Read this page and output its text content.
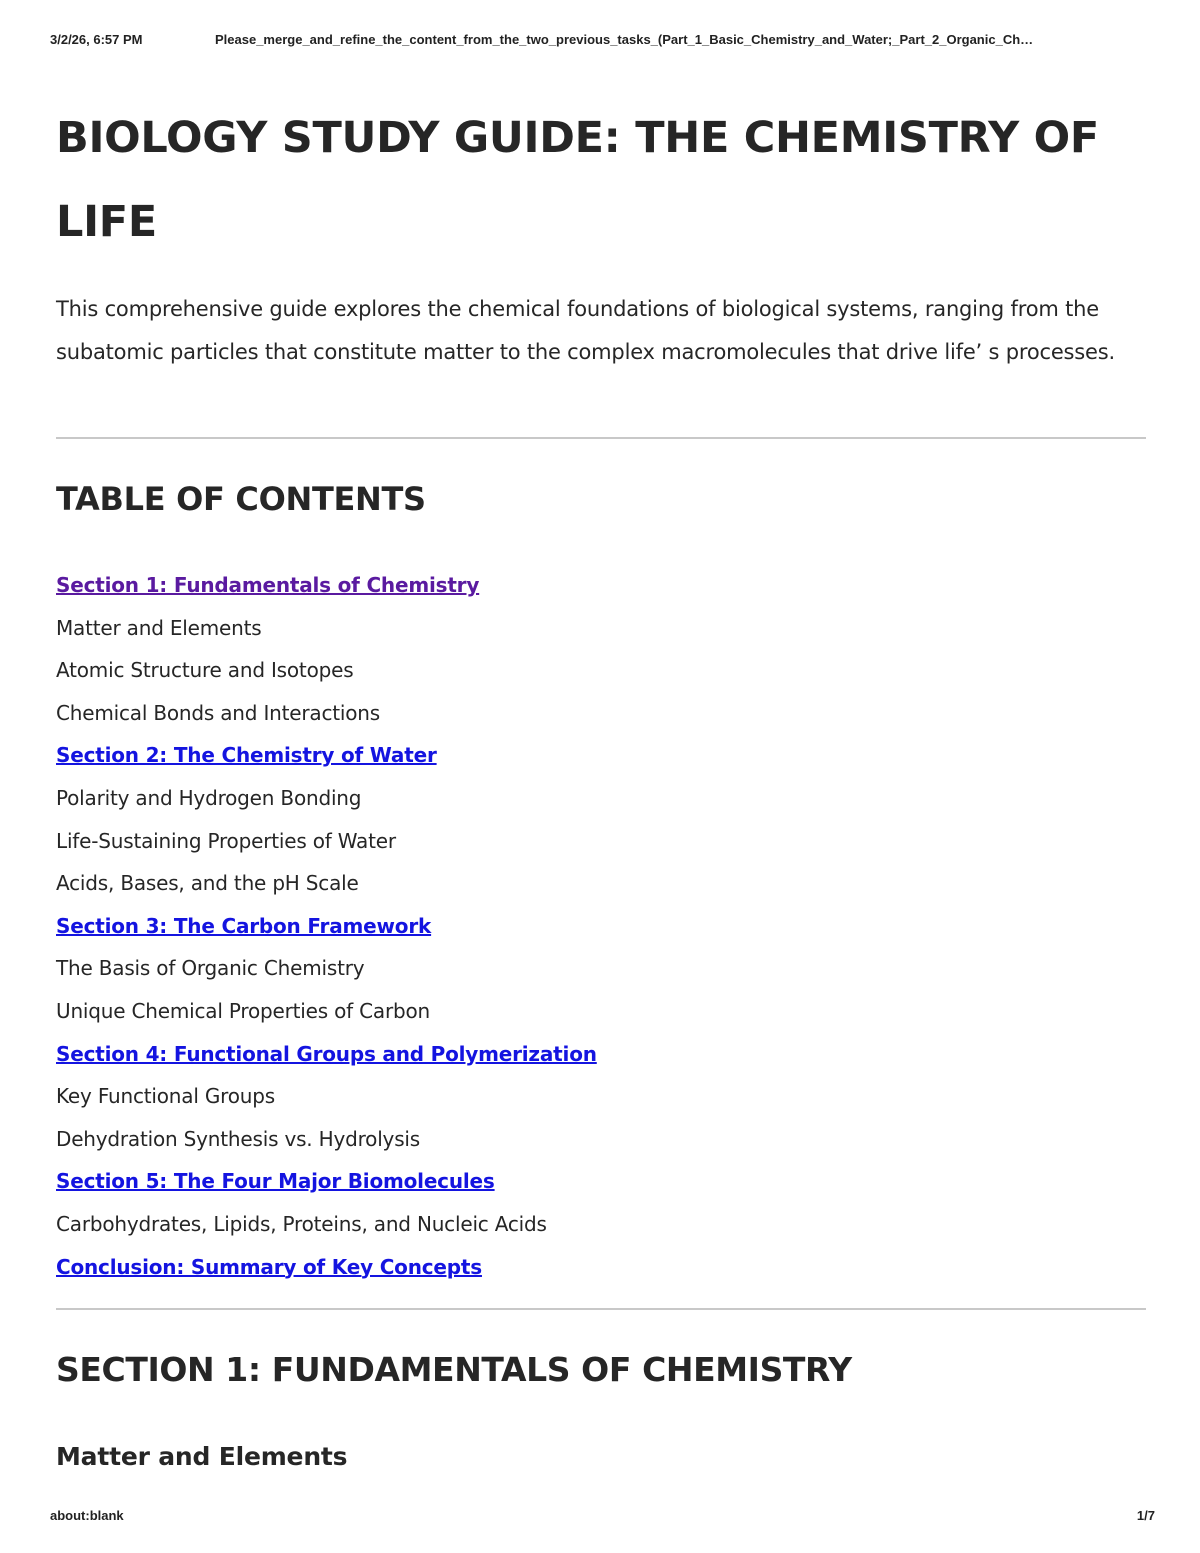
3/2/26, 6:57 PM	Please_merge_and_refine_the_content_from_the_two_previous_tasks_(Part_1_Basic_Chemistry_and_Water;_Part_2_Organic_Ch…
BIOLOGY STUDY GUIDE: THE CHEMISTRY OF LIFE

This comprehensive guide explores the chemical foundations of biological systems, ranging from the subatomic particles that constitute matter to the complex macromolecules that drive life’ s processes.

TABLE OF CONTENTS
Section 1: Fundamentals of Chemistry
Matter and Elements
Atomic Structure and Isotopes
Chemical Bonds and Interactions
Section 2: The Chemistry of Water
Polarity and Hydrogen Bonding
Life-Sustaining Properties of Water
Acids, Bases, and the pH Scale
Section 3: The Carbon Framework
The Basis of Organic Chemistry
Unique Chemical Properties of Carbon
Section 4: Functional Groups and Polymerization
Key Functional Groups
Dehydration Synthesis vs. Hydrolysis
Section 5: The Four Major Biomolecules
Carbohydrates, Lipids, Proteins, and Nucleic Acids
Conclusion: Summary of Key Concepts
SECTION 1: FUNDAMENTALS OF CHEMISTRY
Matter and Elements
about:blank	1/7
